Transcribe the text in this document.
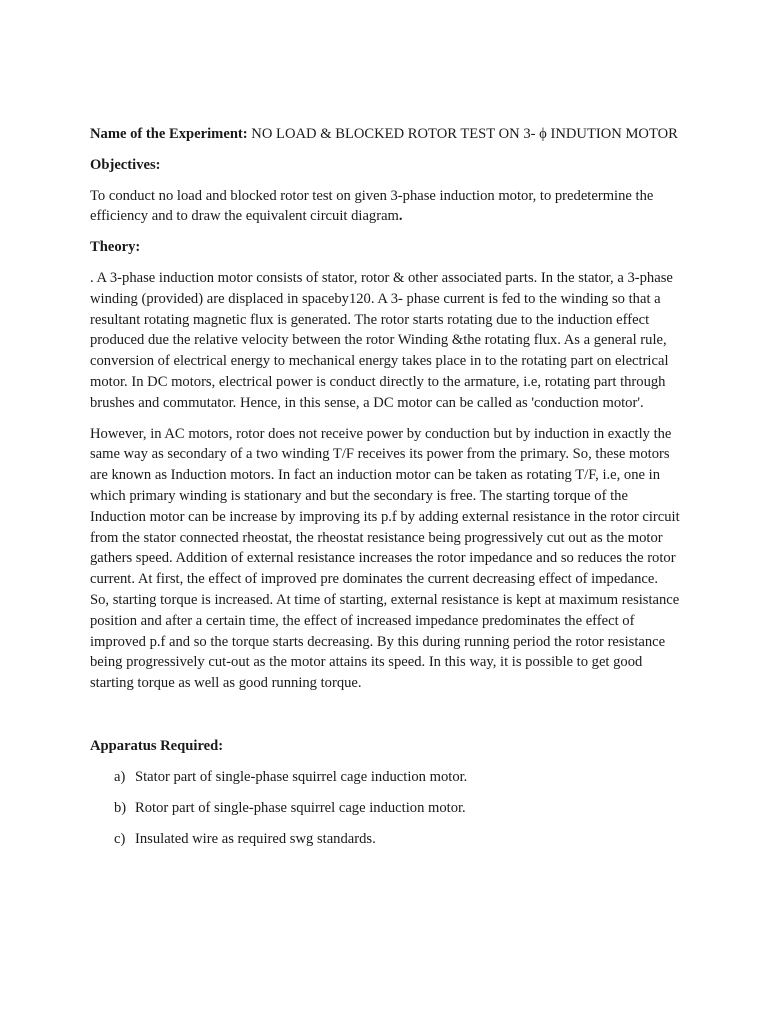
Name of the Experiment: NO LOAD & BLOCKED ROTOR TEST ON 3- ϕ INDUTION MOTOR

Objectives:

To conduct no load and blocked rotor test on given 3-phase induction motor, to predetermine the efficiency and to draw the equivalent circuit diagram.

Theory:

. A 3-phase induction motor consists of stator, rotor & other associated parts. In the stator, a 3-phase winding (provided) are displaced in spaceby120. A 3- phase current is fed to the winding so that a resultant rotating magnetic flux is generated. The rotor starts rotating due to the induction effect produced due the relative velocity between the rotor Winding &the rotating flux. As a general rule, conversion of electrical energy to mechanical energy takes place in to the rotating part on electrical motor. In DC motors, electrical power is conduct directly to the armature, i.e, rotating part through brushes and commutator. Hence, in this sense, a DC motor can be called as 'conduction motor'.

However, in AC motors, rotor does not receive power by conduction but by induction in exactly the same way as secondary of a two winding T/F receives its power from the primary. So, these motors are known as Induction motors. In fact an induction motor can be taken as rotating T/F, i.e, one in which primary winding is stationary and but the secondary is free. The starting torque of the Induction motor can be increase by improving its p.f by adding external resistance in the rotor circuit from the stator connected rheostat, the rheostat resistance being progressively cut out as the motor gathers speed. Addition of external resistance increases the rotor impedance and so reduces the rotor current. At first, the effect of improved pre dominates the current decreasing effect of impedance. So, starting torque is increased. At time of starting, external resistance is kept at maximum resistance position and after a certain time, the effect of increased impedance predominates the effect of improved p.f and so the torque starts decreasing. By this during running period the rotor resistance being progressively cut-out as the motor attains its speed. In this way, it is possible to get good starting torque as well as good running torque.

Apparatus Required:

a) Stator part of single-phase squirrel cage induction motor.
b) Rotor part of single-phase squirrel cage induction motor.
c) Insulated wire as required swg standards.
